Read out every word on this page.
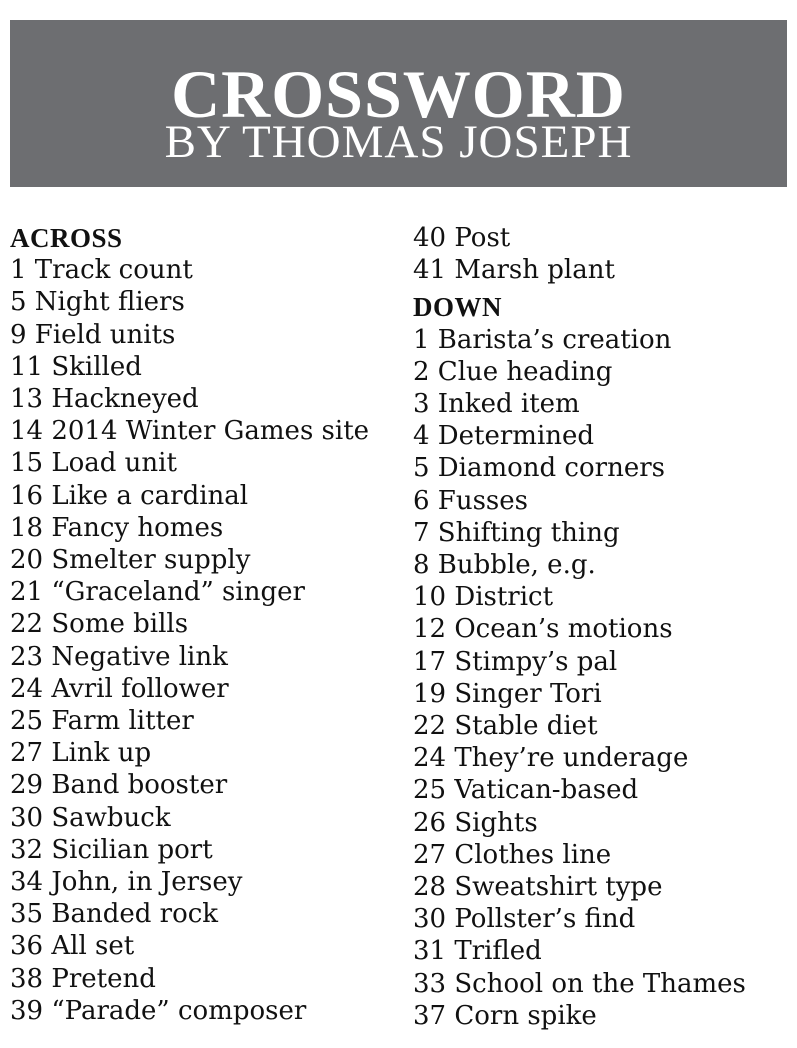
CROSSWORD
BY THOMAS JOSEPH
ACROSS
1 Track count
5 Night fliers
9 Field units
11 Skilled
13 Hackneyed
14 2014 Winter Games site
15 Load unit
16 Like a cardinal
18 Fancy homes
20 Smelter supply
21 “Graceland” singer
22 Some bills
23 Negative link
24 Avril follower
25 Farm litter
27 Link up
29 Band booster
30 Sawbuck
32 Sicilian port
34 John, in Jersey
35 Banded rock
36 All set
38 Pretend
39 “Parade” composer
40 Post
41 Marsh plant
DOWN
1 Barista’s creation
2 Clue heading
3 Inked item
4 Determined
5 Diamond corners
6 Fusses
7 Shifting thing
8 Bubble, e.g.
10 District
12 Ocean’s motions
17 Stimpy’s pal
19 Singer Tori
22 Stable diet
24 They’re underage
25 Vatican-based
26 Sights
27 Clothes line
28 Sweatshirt type
30 Pollster’s find
31 Trifled
33 School on the Thames
37 Corn spike
